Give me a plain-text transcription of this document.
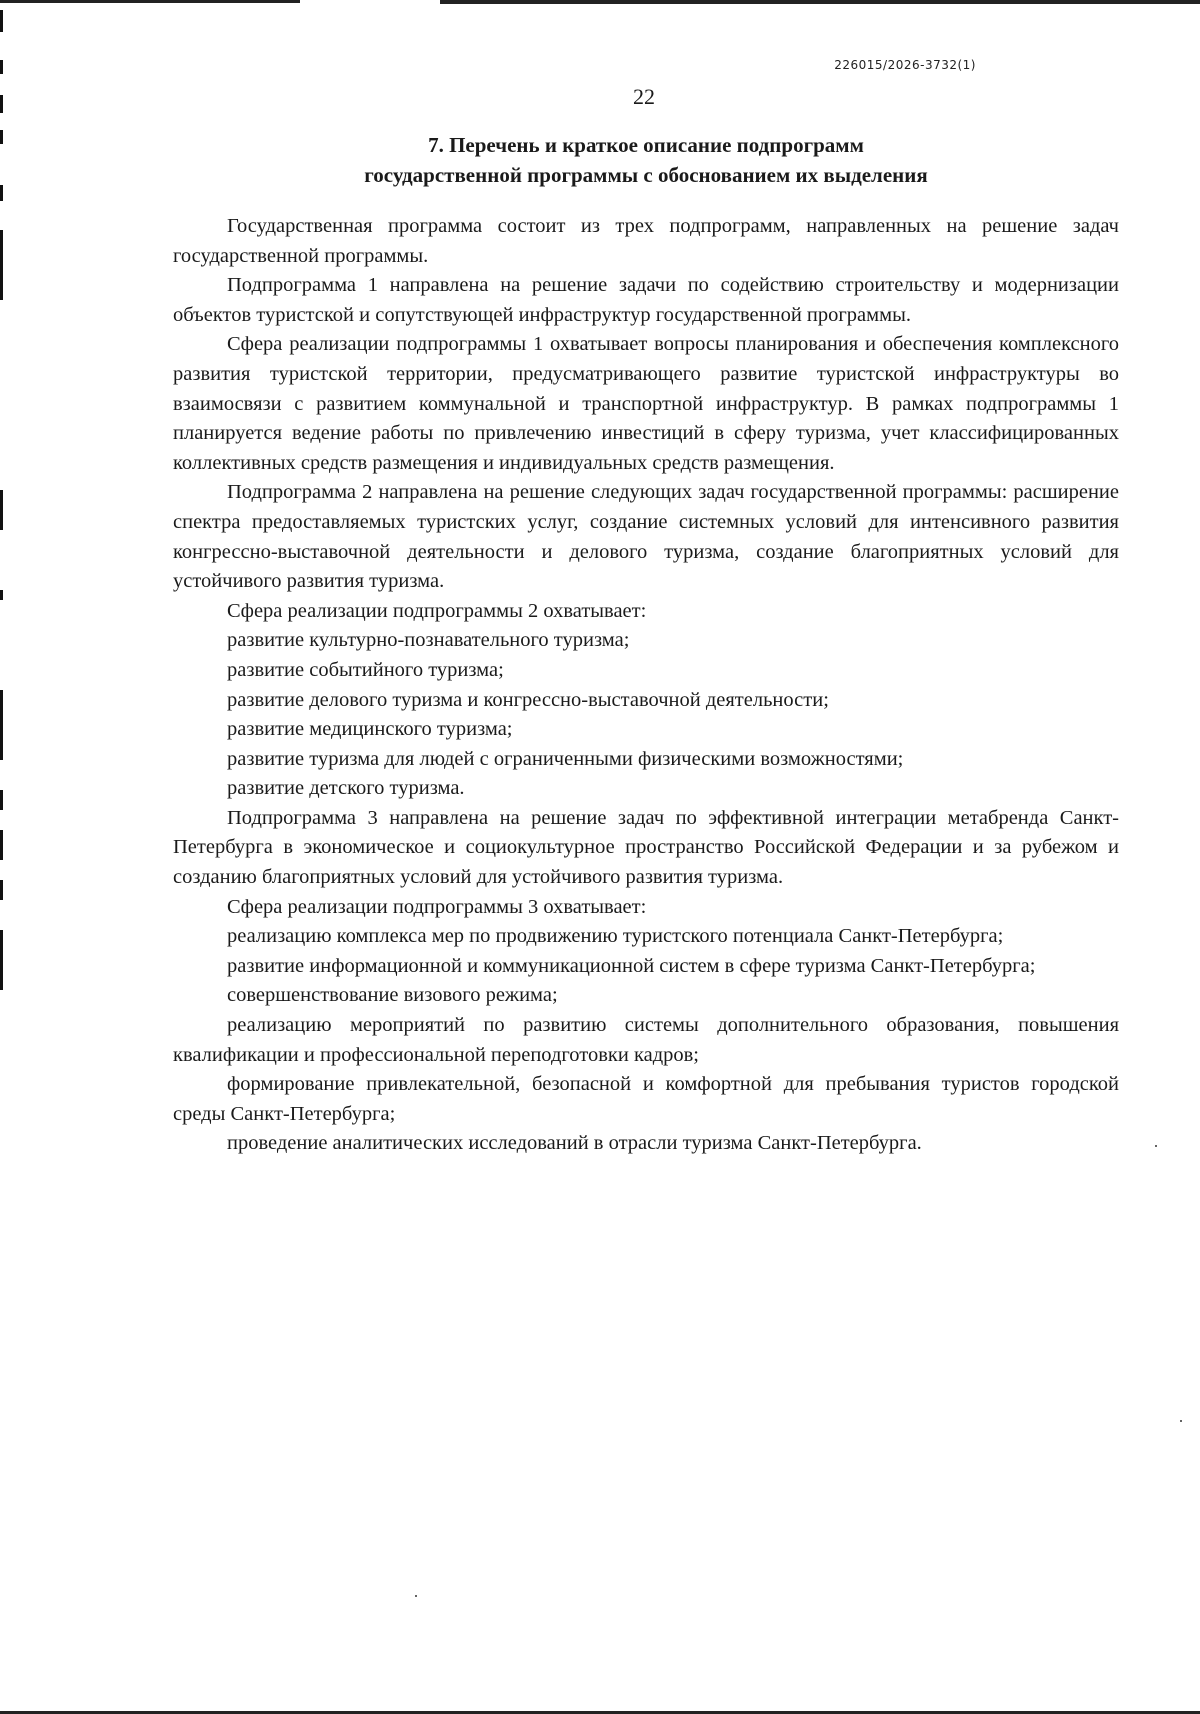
226015/2026-3732(1)
22
7. Перечень и краткое описание подпрограмм
государственной программы с обоснованием их выделения

Государственная программа состоит из трех подпрограмм, направленных на решение задач государственной программы.

Подпрограмма 1 направлена на решение задачи по содействию строительству и модернизации объектов туристской и сопутствующей инфраструктур государственной программы.

Сфера реализации подпрограммы 1 охватывает вопросы планирования и обеспечения комплексного развития туристской территории, предусматривающего развитие туристской инфраструктуры во взаимосвязи с развитием коммунальной и транспортной инфраструктур. В рамках подпрограммы 1 планируется ведение работы по привлечению инвестиций в сферу туризма, учет классифицированных коллективных средств размещения и индивидуальных средств размещения.

Подпрограмма 2 направлена на решение следующих задач государственной программы: расширение спектра предоставляемых туристских услуг, создание системных условий для интенсивного развития конгрессно-выставочной деятельности и делового туризма, создание благоприятных условий для устойчивого развития туризма.

Сфера реализации подпрограммы 2 охватывает:

развитие культурно-познавательного туризма;

развитие событийного туризма;

развитие делового туризма и конгрессно-выставочной деятельности;

развитие медицинского туризма;

развитие туризма для людей с ограниченными физическими возможностями;

развитие детского туризма.

Подпрограмма 3 направлена на решение задач по эффективной интеграции метабренда Санкт-Петербурга в экономическое и социокультурное пространство Российской Федерации и за рубежом и созданию благоприятных условий для устойчивого развития туризма.

Сфера реализации подпрограммы 3 охватывает:

реализацию комплекса мер по продвижению туристского потенциала Санкт-Петербурга;

развитие информационной и коммуникационной систем в сфере туризма Санкт-Петербурга;

совершенствование визового режима;

реализацию мероприятий по развитию системы дополнительного образования, повышения квалификации и профессиональной переподготовки кадров;

формирование привлекательной, безопасной и комфортной для пребывания туристов городской среды Санкт-Петербурга;

проведение аналитических исследований в отрасли туризма Санкт-Петербурга.
